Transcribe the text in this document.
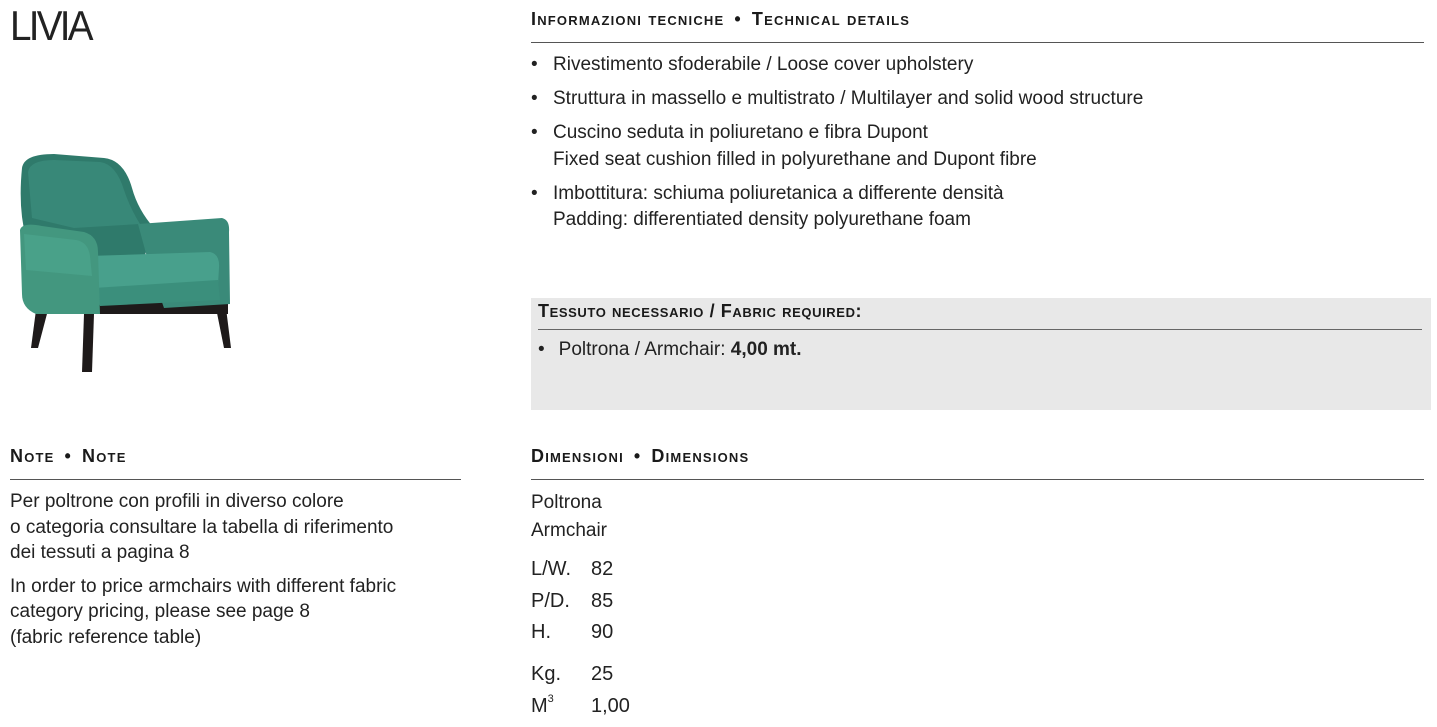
LIVIA	Informazioni tecniche • Technical details
• Rivestimento sfoderabile / Loose cover upholstery
• Struttura in massello e multistrato / Multilayer and solid wood structure
• Cuscino seduta in poliuretano e fibra Dupont
Fixed seat cushion filled in polyurethane and Dupont fibre
• Imbottitura: schiuma poliuretanica a differente densità
Padding: differentiated density polyurethane foam
Tessuto necessario / Fabric required:
• Poltrona / Armchair: 4,00 mt.
Note • Note

Per poltrone con profili in diverso colore
o categoria consultare la tabella di riferimento
dei tessuti a pagina 8

In order to price armchairs with different fabric
category pricing, please see page 8
(fabric reference table)

Dimensioni • Dimensions
Poltrona
Armchair
L/W. 82
P/D. 85
H. 90
Kg. 25
$M^3$ 1,00
